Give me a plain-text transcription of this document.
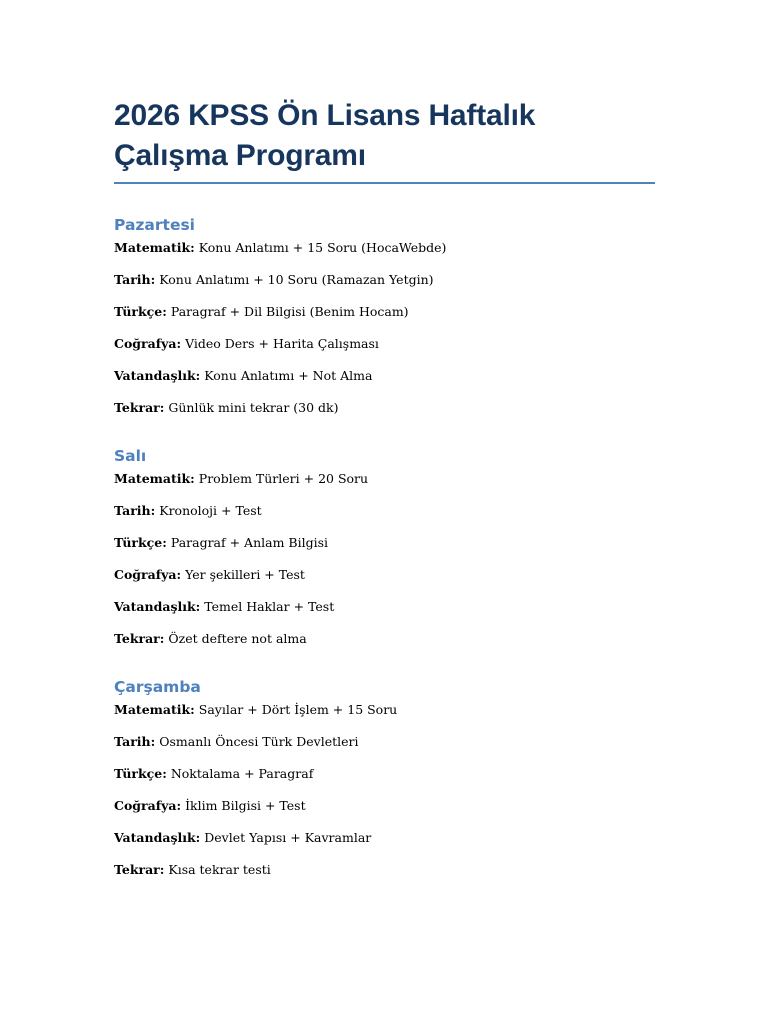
2026 KPSS Ön Lisans Haftalık Çalışma Programı
Pazartesi

Matematik: Konu Anlatımı + 15 Soru (HocaWebde)

Tarih: Konu Anlatımı + 10 Soru (Ramazan Yetgin)

Türkçe: Paragraf + Dil Bilgisi (Benim Hocam)

Coğrafya: Video Ders + Harita Çalışması

Vatandaşlık: Konu Anlatımı + Not Alma

Tekrar: Günlük mini tekrar (30 dk)

Salı

Matematik: Problem Türleri + 20 Soru

Tarih: Kronoloji + Test

Türkçe: Paragraf + Anlam Bilgisi

Coğrafya: Yer şekilleri + Test

Vatandaşlık: Temel Haklar + Test

Tekrar: Özet deftere not alma

Çarşamba

Matematik: Sayılar + Dört İşlem + 15 Soru

Tarih: Osmanlı Öncesi Türk Devletleri

Türkçe: Noktalama + Paragraf

Coğrafya: İklim Bilgisi + Test

Vatandaşlık: Devlet Yapısı + Kavramlar

Tekrar: Kısa tekrar testi
